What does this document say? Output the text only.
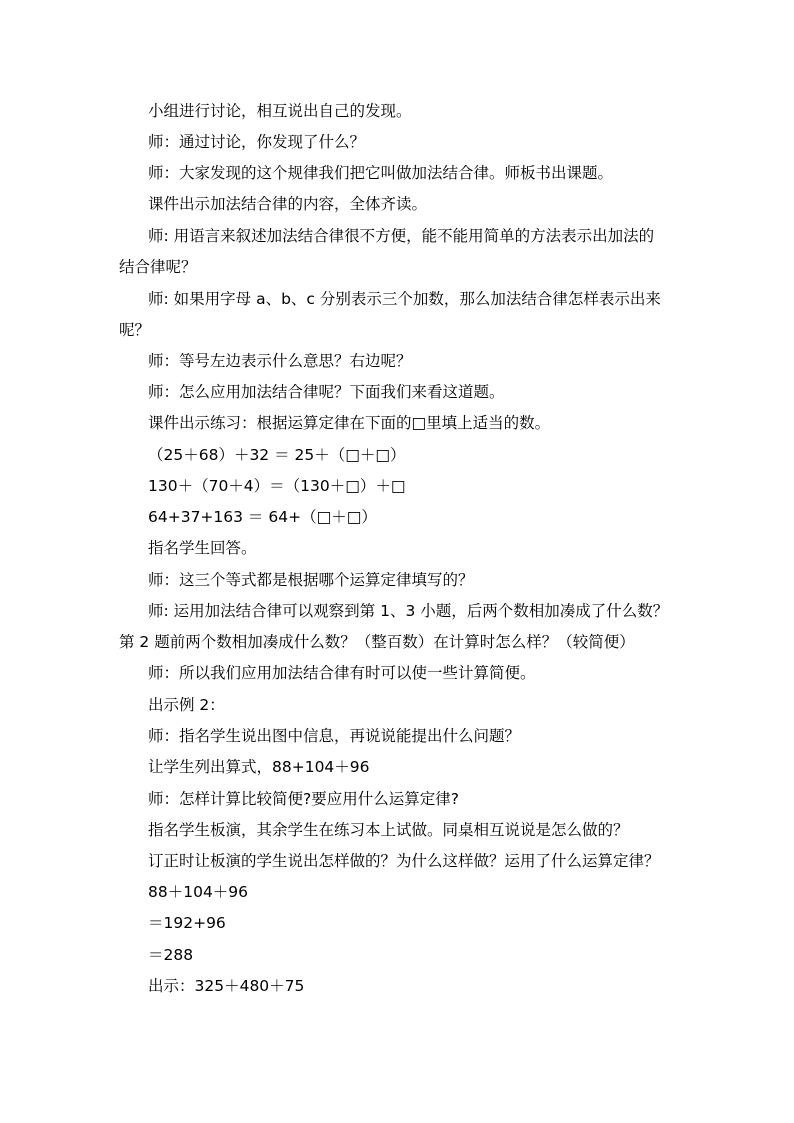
小组进行讨论，相互说出自己的发现。
师：通过讨论，你发现了什么？
师：大家发现的这个规律我们把它叫做加法结合律。师板书出课题。
课件出示加法结合律的内容，全体齐读。
师: 用语言来叙述加法结合律很不方便，能不能用简单的方法表示出加法的
结合律呢？
师: 如果用字母 a、b、c 分别表示三个加数，那么加法结合律怎样表示出来
呢？
师：等号左边表示什么意思？右边呢？
师：怎么应用加法结合律呢？下面我们来看这道题。
课件出示练习：根据运算定律在下面的□里填上适当的数。
（25＋68）＋32 ＝ 25＋（□＋□）
130＋（70＋4）＝（130＋□）＋□
64+37+163 ＝ 64+（□＋□）
指名学生回答。
师：这三个等式都是根据哪个运算定律填写的？
师: 运用加法结合律可以观察到第 1、3 小题，后两个数相加凑成了什么数？
第 2 题前两个数相加凑成什么数？（整百数）在计算时怎么样？（较简便）
师：所以我们应用加法结合律有时可以使一些计算简便。
出示例 2：
师：指名学生说出图中信息，再说说能提出什么问题？
让学生列出算式，88+104＋96
师：怎样计算比较简便?要应用什么运算定律?
指名学生板演，其余学生在练习本上试做。同桌相互说说是怎么做的？
订正时让板演的学生说出怎样做的？为什么这样做？运用了什么运算定律？
88＋104＋96
＝192+96
＝288
出示：325＋480＋75
